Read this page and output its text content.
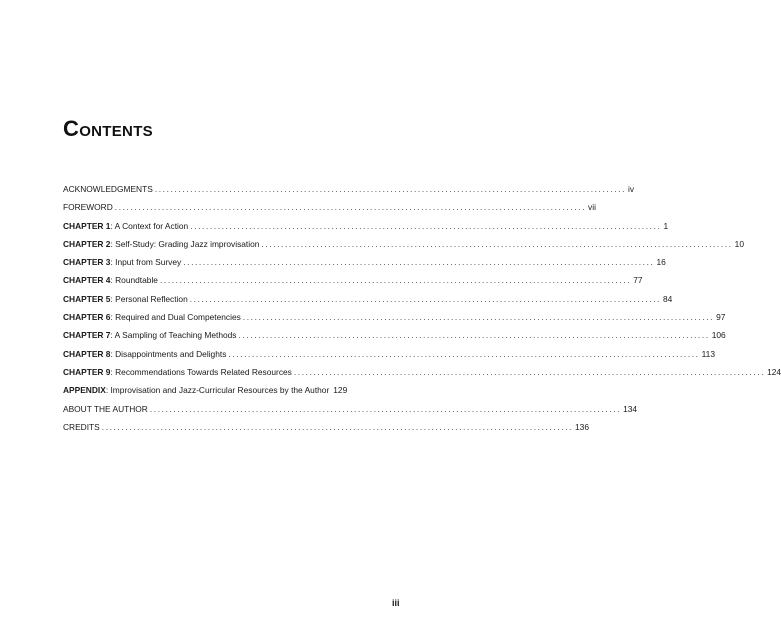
Contents
ACKNOWLEDGMENTS ........................................................................................................................ iv
FOREWORD ........................................................................................................................ vii
CHAPTER 1: A Context for Action ........................................................................................................................ 1
CHAPTER 2: Self-Study: Grading Jazz improvisation ........................................................................................................................ 10
CHAPTER 3: Input from Survey ........................................................................................................................ 16
CHAPTER 4: Roundtable ........................................................................................................................ 77
CHAPTER 5: Personal Reflection ........................................................................................................................ 84
CHAPTER 6: Required and Dual Competencies ........................................................................................................................ 97
CHAPTER 7: A Sampling of Teaching Methods ........................................................................................................................ 106
CHAPTER 8: Disappointments and Delights ........................................................................................................................ 113
CHAPTER 9: Recommendations Towards Related Resources ........................................................................................................................ 124
APPENDIX: Improvisation and Jazz-Curricular Resources by the Author 129
ABOUT THE AUTHOR ........................................................................................................................ 134
CREDITS ........................................................................................................................ 136
iii
